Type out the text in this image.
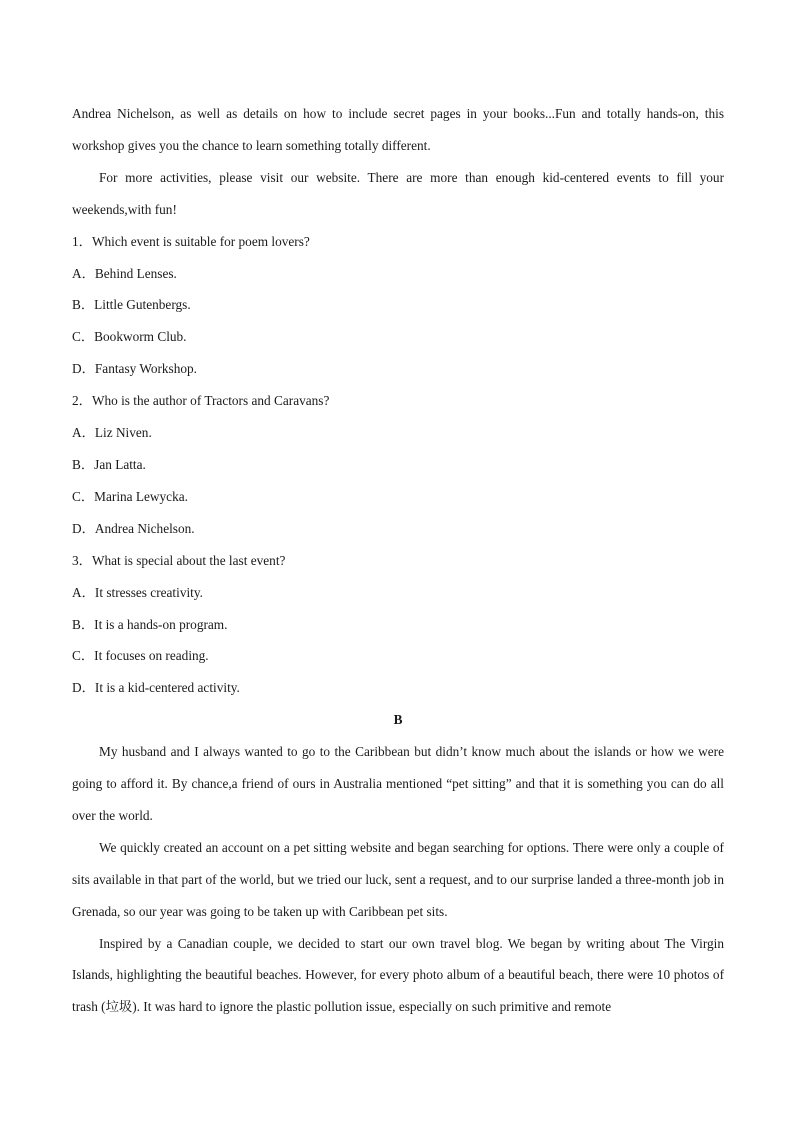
Andrea Nichelson, as well as details on how to include secret pages in your books...Fun and totally hands-on, this workshop gives you the chance to learn something totally different.

For more activities, please visit our website. There are more than enough kid-centered events to fill your weekends,with fun!

1．Which event is suitable for poem lovers?

A．Behind Lenses.

B．Little Gutenbergs.

C．Bookworm Club.

D．Fantasy Workshop.

2．Who is the author of Tractors and Caravans?

A．Liz Niven.

B．Jan Latta.

C．Marina Lewycka.

D．Andrea Nichelson.

3．What is special about the last event?

A．It stresses creativity.

B．It is a hands-on program.

C．It focuses on reading.

D．It is a kid-centered activity.

B

My husband and I always wanted to go to the Caribbean but didn’t know much about the islands or how we were going to afford it. By chance,a friend of ours in Australia mentioned “pet sitting” and that it is something you can do all over the world.

We quickly created an account on a pet sitting website and began searching for options. There were only a couple of sits available in that part of the world, but we tried our luck, sent a request, and to our surprise landed a three-month job in Grenada, so our year was going to be taken up with Caribbean pet sits.

Inspired by a Canadian couple, we decided to start our own travel blog. We began by writing about The Virgin Islands, highlighting the beautiful beaches. However, for every photo album of a beautiful beach, there were 10 photos of trash (垃圾). It was hard to ignore the plastic pollution issue, especially on such primitive and remote
